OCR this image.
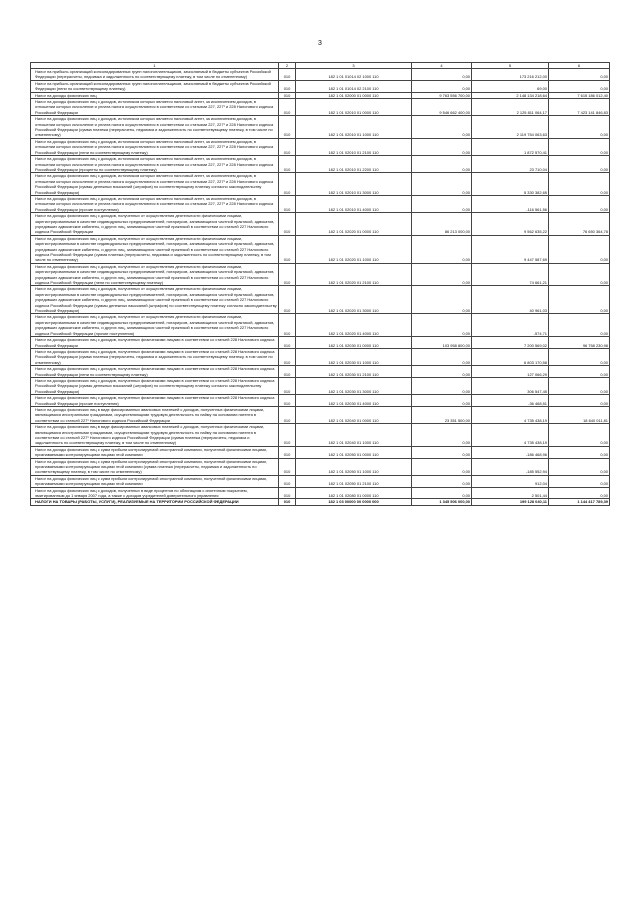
3
1	2	3	4	5	6

Налог на прибыль организаций консолидированных групп налогоплательщиков, зачисляемый в бюджеты субъектов Российской Федерации (перерасчеты, недоимка и задолженность по соответствующему платежу, в том числе по отмененному)	010	182 1 01 01014 02 1000 110	0,00	173 216 212,00	0,00

Налог на прибыль организаций консолидированных групп налогоплательщиков, зачисляемый в бюджеты субъектов Российской Федерации (пени по соответствующему платежу)	010	182 1 01 01014 02 2100 110	0,00	69,00	0,00

Налог на доходы физических лиц	010	182 1 01 02000 01 0000 110	9 763 556 700,00	2 148 134 218,64	7 615 186 012,40

Налог на доходы физических лиц с доходов, источником которых является налоговый агент, за исключением доходов, в отношении которых исчисление и уплата налога осуществляются в соответствии со статьями 227, 227¹ и 228 Налогового кодекса Российской Федерации	010	182 1 01 02010 01 0000 110	9 546 662 400,00	2 125 811 064,17	7 423 141 846,83

Налог на доходы физических лиц с доходов, источником которых является налоговый агент, за исключением доходов, в отношении которых исчисление и уплата налога осуществляются в соответствии со статьями 227, 227¹ и 228 Налогового кодекса Российской Федерации (сумма платежа (перерасчеты, недоимка и задолженность по соответствующему платежу, в том числе по отмененному)	010	182 1 01 02010 01 1000 110	0,00	2 119 754 063,63	0,00

Налог на доходы физических лиц с доходов, источником которых является налоговый агент, за исключением доходов, в отношении которых исчисление и уплата налога осуществляются в соответствии со статьями 227, 227¹ и 228 Налогового кодекса Российской Федерации (пени по соответствующему платежу)	010	182 1 01 02010 01 2100 110	0,00	1 872 570,41	0,00

Налог на доходы физических лиц с доходов, источником которых является налоговый агент, за исключением доходов, в отношении которых исчисление и уплата налога осуществляются в соответствии со статьями 227, 227¹ и 228 Налогового кодекса Российской Федерации (проценты по соответствующему платежу)	010	182 1 01 02010 01 2200 110	0,00	23 710,04	0,00

Налог на доходы физических лиц с доходов, источником которых является налоговый агент, за исключением доходов, в отношении которых исчисление и уплата налога осуществляются в соответствии со статьями 227, 227¹ и 228 Налогового кодекса Российской Федерации (суммы денежных взысканий (штрафов) по соответствующему платежу согласно законодательству Российской Федерации)	010	182 1 01 02010 01 3000 110	0,00	5 330 382,65	0,00

Налог на доходы физических лиц с доходов, источником которых является налоговый агент, за исключением доходов, в отношении которых исчисление и уплата налога осуществляются в соответствии со статьями 227, 227¹ и 228 Налогового кодекса Российской Федерации (прочие поступления)	010	182 1 01 02010 01 4000 110	0,00	-116 561,56	0,00

Налог на доходы физических лиц с доходов, полученных от осуществления деятельности физическими лицами, зарегистрированными в качестве индивидуальных предпринимателей, нотариусов, занимающихся частной практикой, адвокатов, учредивших адвокатские кабинеты, и других лиц, занимающихся частной практикой в соответствии со статьей 227 Налогового кодекса Российской Федерации	010	182 1 01 02020 01 0000 110	86 213 000,00	9 562 635,22	76 650 364,78

Налог на доходы физических лиц с доходов, полученных от осуществления деятельности физическими лицами, зарегистрированными в качестве индивидуальных предпринимателей, нотариусов, занимающихся частной практикой, адвокатов, учредивших адвокатские кабинеты, и других лиц, занимающихся частной практикой в соответствии со статьей 227 Налогового кодекса Российской Федерации (сумма платежа (перерасчеты, недоимка и задолженность по соответствующему платежу, в том числе по отмененному)	010	182 1 01 02020 01 1000 110	0,00	9 447 587,69	0,00

Налог на доходы физических лиц с доходов, полученных от осуществления деятельности физическими лицами, зарегистрированными в качестве индивидуальных предпринимателей, нотариусов, занимающихся частной практикой, адвокатов, учредивших адвокатские кабинеты, и других лиц, занимающихся частной практикой в соответствии со статьей 227 Налогового кодекса Российской Федерации (пени по соответствующему платежу)	010	182 1 01 02020 01 2100 110	0,00	74 661,21	0,00

Налог на доходы физических лиц с доходов, полученных от осуществления деятельности физическими лицами, зарегистрированными в качестве индивидуальных предпринимателей, нотариусов, занимающихся частной практикой, адвокатов, учредивших адвокатские кабинеты, и других лиц, занимающихся частной практикой в соответствии со статьей 227 Налогового кодекса Российской Федерации (суммы денежных взысканий (штрафов) по соответствующему платежу согласно законодательству Российской Федерации)	010	182 1 01 02020 01 3000 110	0,00	40 961,03	0,00

Налог на доходы физических лиц с доходов, полученных от осуществления деятельности физическими лицами, зарегистрированными в качестве индивидуальных предпринимателей, нотариусов, занимающихся частной практикой, адвокатов, учредивших адвокатские кабинеты, и других лиц, занимающихся частной практикой в соответствии со статьей 227 Налогового кодекса Российской Федерации (прочие поступления)	010	182 1 01 02020 01 4000 110	0,00	-574,71	0,00

Налог на доходы физических лиц с доходов, полученных физическими лицами в соответствии со статьей 228 Налогового кодекса Российской Федерации	010	182 1 01 02030 01 0000 110	103 958 800,00	7 200 569,02	96 758 230,98

Налог на доходы физических лиц с доходов, полученных физическими лицами в соответствии со статьей 228 Налогового кодекса Российской Федерации (сумма платежа (перерасчеты, недоимка и задолженность по соответствующему платежу, в том числе по отмененному)	010	182 1 01 02030 01 1000 110	0,00	6 803 170,58	0,00

Налог на доходы физических лиц с доходов, полученных физическими лицами в соответствии со статьей 228 Налогового кодекса Российской Федерации (пени по соответствующему платежу)	010	182 1 01 02030 01 2100 110	0,00	127 066,29	0,00

Налог на доходы физических лиц с доходов, полученных физическими лицами в соответствии со статьей 228 Налогового кодекса Российской Федерации (суммы денежных взысканий (штрафов) по соответствующему платежу согласно законодательству Российской Федерации)	010	182 1 01 02030 01 3000 110	0,00	306 547,45	0,00

Налог на доходы физических лиц с доходов, полученных физическими лицами в соответствии со статьей 228 Налогового кодекса Российской Федерации (прочие поступления)	010	182 1 01 02030 01 4000 110	0,00	-36 468,51	0,00

Налог на доходы физических лиц в виде фиксированных авансовых платежей с доходов, полученных физическими лицами, являющимися иностранными гражданами, осуществляющими трудовую деятельность по найму на основании патента в соответствии со статьей 227¹ Налогового кодекса Российской Федерации	010	182 1 01 02040 01 0000 110	23 351 500,00	4 735 438,19	18 640 011,81

Налог на доходы физических лиц в виде фиксированных авансовых платежей с доходов, полученных физическими лицами, являющимися иностранными гражданами, осуществляющими трудовую деятельность по найму на основании патента в соответствии со статьей 227¹ Налогового кодекса Российской Федерации (сумма платежа (перерасчеты, недоимка и задолженность по соответствующему платежу, в том числе по отмененному)	010	182 1 01 02040 01 1000 110	0,00	4 735 438,19	0,00

Налог на доходы физических лиц с сумм прибыли контролируемой иностранной компании, полученной физическими лицами, признаваемыми контролирующими лицами этой компании	010	182 1 01 02050 01 0000 110	0,00	-186 468,96	0,00

Налог на доходы физических лиц с сумм прибыли контролируемой иностранной компании, полученной физическими лицами, признаваемыми контролирующими лицами этой компании (сумма платежа (перерасчеты, недоимка и задолженность по соответствующему платежу, в том числе по отмененному)	010	182 1 01 02050 01 1000 110	0,00	-185 552,94	0,00

Налог на доходы физических лиц с сумм прибыли контролируемой иностранной компании, полученной физическими лицами, признаваемыми контролирующими лицами этой компании	010	182 1 01 02050 01 2100 110	0,00	912,04	0,00

Налог на доходы физических лиц с доходов, полученных в виде процентов по облигациям с ипотечным покрытием, эмитированным до 1 января 2007 года, а также с доходов учредителей доверительного управления	010	182 1 01 02080 01 0000 110	0,00	2 501,44	0,00

НАЛОГИ НА ТОВАРЫ (РАБОТЫ, УСЛУГИ), РЕАЛИЗУЕМЫЕ НА ТЕРРИТОРИИ РОССИЙСКОЙ ФЕДЕРАЦИИ	010	182 1 03 00000 00 0000 000	1 345 506 000,00	199 128 040,11	1 144 417 789,39
